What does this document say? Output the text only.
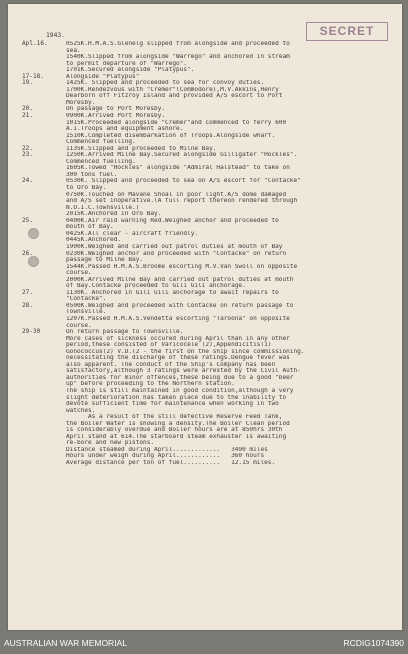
SECRET
1943.
Apl.16.	0525K.H.M.A.S.Glenelg slipped from alongside and proceeded to
sea.
1540K.Slipped from alongside "Warrego" and anchored in stream
to permit departure of "Warrego".
1701K.Secured alongside "Platypus".
17-18.	Alongside "Platypus"
19.	1425K. Slipped and proceeded to sea for convoy duties.
1700K.Rendezvous with "Cremer"(Commodore),M.V.Akkins,Henry
Dearborn off Fitzroy Island and provided A/S escort to Port
Moresby.
20.	On passage to Port Moresby.
21.	0900K.Arrived Port Moresby.
1015K.Proceeded alongside "Cremer"and commenced to ferry 600
A.I.Troops and equipment ashore.
1510K.Completed disembarkation of Troops.Alongside wharf.
Commenced fuelling.
22.	1135K.Slipped and proceeded to Milne Bay.
23.	1250K.Arrived Milne Bay.Secured alongside Gilligater "Hockles".
Commenced fuelling.
1605K.Towed "Hockles" alongside "Admiral Halstead" to take on
300 tons fuel.
24.	0530K. Slipped and proceeded to sea on A/S escort for "Contacke"
to Oro Bay.
0750K.Touched on Mavane Shoal in poor light.A/S dome damaged
and A/S set inoperative.(A full report thereon rendered through
N.O.I.C.Townsville.)
2015K.Anchored in Oro Bay.
25.	0400K.Air raid warning Red.Weighed anchor and proceeded to
mouth of Bay.
0425K.All clear - aircraft friendly.
0445K.Anchored.
1900K.Weighed and carried out patrol duties at mouth of Bay
26.	0230K.Weighed anchor and proceeded with "Contacke" on return
passage to Milne Bay.
1544K.Passed H.M.A.S.Broome escorting M.V.Van Swoll on opposite
course.
2000K.Arrived Milne Bay and carried out patrol duties at mouth
of Bay.Contacke proceeded to Gili Gili anchorage.
27.	1130K. Anchored in Gili Gili anchorage to await repairs to
"Contacke".
28.	0500K.Weighed and proceeded with Contacke on return passage to
Townsville.
1207K.Passed H.M.A.S.Vendetta escorting "Taroona" on opposite
course.
29-30	On return passage to Townsville.
More cases of sickness occured during April than in any other
period,these consisted of Varicocele (2),Appendicitis(1)
Gonococcus(2) V.D.(2 - the first on the ship since commissioning.
necessitating the discharge of these ratings.Dengue fever was
also apparent. The conduct of the Ship's Company has been
satisfactory,although 3 ratings were arrested by the Civil Auth-
authorities for minor offences,these being due to a good "beer
up" before proceeding to the Northern station.
The ship is still maintained in good condition,although a very
slight deterioration has taken place due to the inability to
devote sufficient time for maintenance when working in two
watches.
As a result of the still defective Reserve Feed Tank,
the Boiler Water is showing a density.The Boiler Clean period
is considerably overdue and Boiler hours are at 850hrs 30th
April stand at 614.The starboard steam exhauster is awaiting
re-bore and new pistons.
Distance steamed during April.............   3490 miles
Hours under weigh during April............   360 hours
Average distance per ton of fuel..........   12.15 miles.
AUSTRALIAN WAR MEMORIAL	RCDIG1074390
